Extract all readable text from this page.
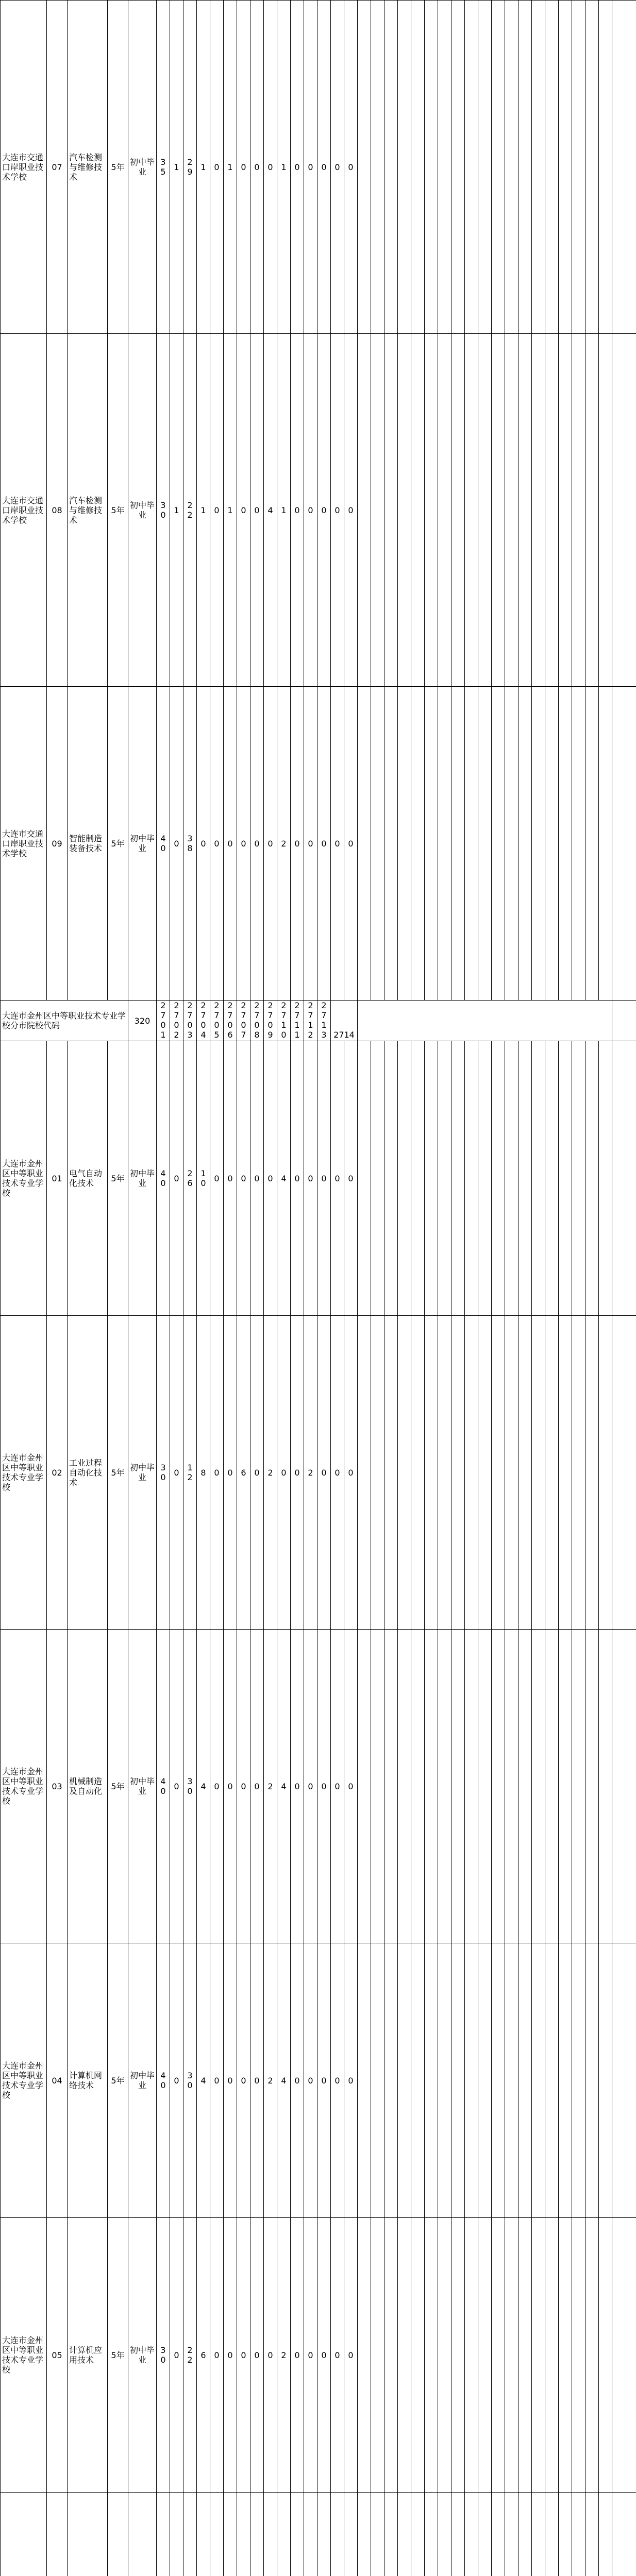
大连市交通口岸职业技术学校	07	汽车检测与维修技术	5年	初中毕业	35	1	29	1	0	1	0	0	0	1	0	0	0	0	0																					
大连市交通口岸职业技术学校	08	汽车检测与维修技术	5年	初中毕业	30	1	22	1	0	1	0	0	4	1	0	0	0	0	0																					
大连市交通口岸职业技术学校	09	智能制造装备技术	5年	初中毕业	40	0	38	0	0	0	0	0	0	2	0	0	0	0	0																					
大连市金州区中等职业技术专业学校分市院校代码				320	2701	2702	2703	2704	2705	2706	2707	2708	2709	2710	2711	2712	2713	2714																						
大连市金州区中等职业技术专业学校	01	电气自动化技术	5年	初中毕业	40	0	26	10	0	0	0	0	0	4	0	0	0	0	0																					
大连市金州区中等职业技术专业学校	02	工业过程自动化技术	5年	初中毕业	30	0	12	8	0	0	6	0	2	0	0	2	0	0	0																					
大连市金州区中等职业技术专业学校	03	机械制造及自动化	5年	初中毕业	40	0	30	4	0	0	0	0	2	4	0	0	0	0	0																					
大连市金州区中等职业技术专业学校	04	计算机网络技术	5年	初中毕业	40	0	30	4	0	0	0	0	2	4	0	0	0	0	0																					
大连市金州区中等职业技术专业学校	05	计算机应用技术	5年	初中毕业	30	0	22	6	0	0	0	0	0	2	0	0	0	0	0																					
